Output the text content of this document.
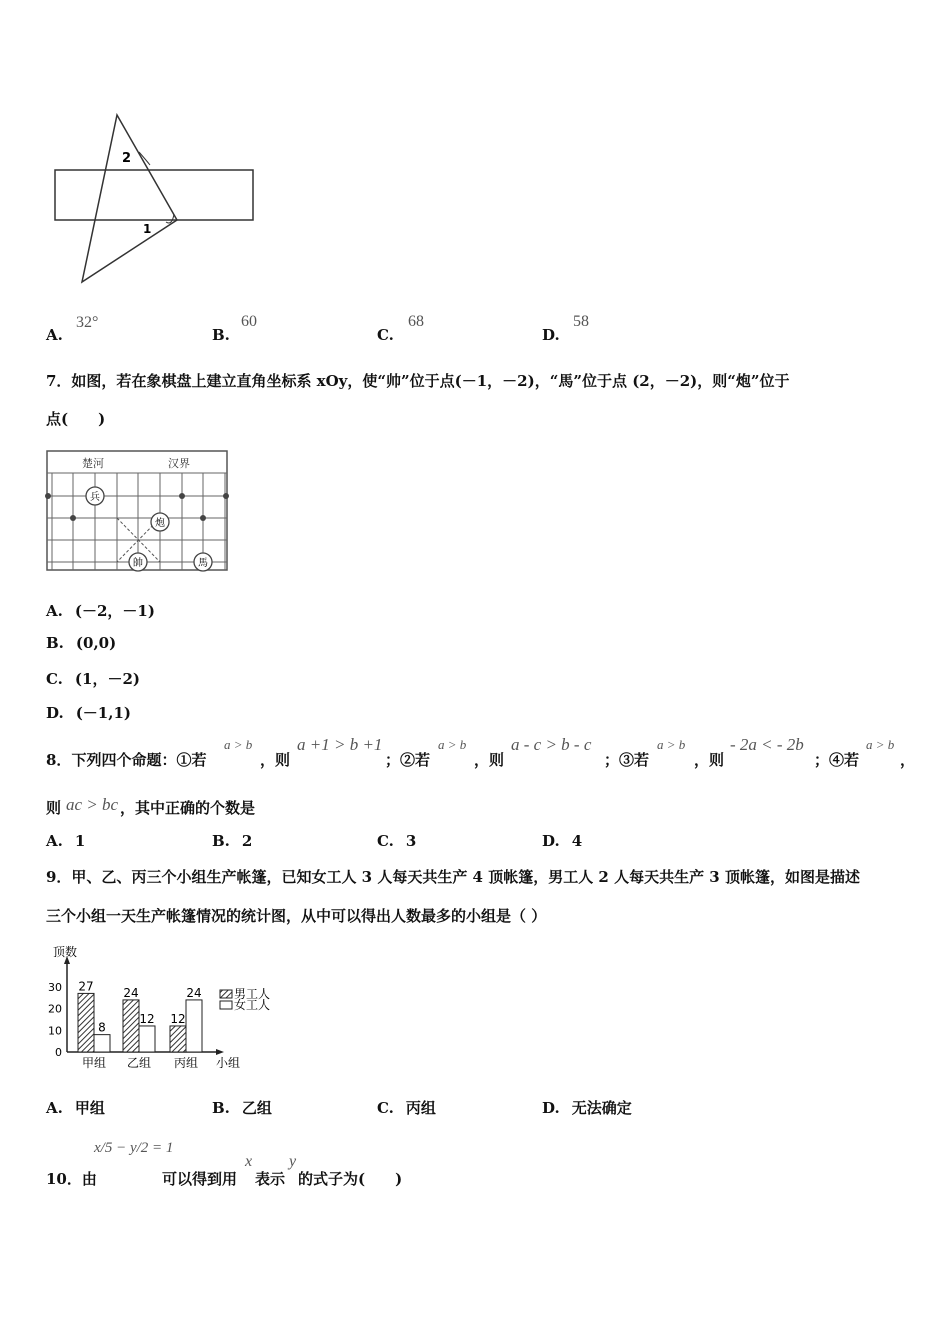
2
1
A.
32°
B.
60
C.
68
D.
58
7．如图，若在象棋盘上建立直角坐标系 xOy，使“帅”位于点(－1，－2)，“馬”位于点 (2，－2)，则“炮”位于
点(　　)
楚河	汉界
兵
炮
帥	馬
A. (－2，－1)
B. (0,0)
C. (1，－2)
D. (－1,1)
8．下列四个命题：①若
a > b
，则
a +1 > b +1
；②若
a > b
，则
a - c > b - c
；③若
a > b
，则
- 2a < - 2b
；④若
a > b
，
则 ac > bc ，其中正确的个数是
A. 1	B. 2	C. 3	D. 4
9．甲、乙、丙三个小组生产帐篷，已知女工人 3 人每天共生产 4 顶帐篷，男工人 2 人每天共生产 3 顶帐篷，如图是描述
三个小组一天生产帐篷情况的统计图，从中可以得出人数最多的小组是（ ）
顶数
小组
0
10
20
30 27
8
甲组
24
12
乙组
12
24
丙组
男工人
女工人
A. 甲组	B. 乙组	C. 丙组	D. 无法确定
10．由
x/5 − y/2 = 1
可以得到用
x
表示
y
的式子为(　　)
